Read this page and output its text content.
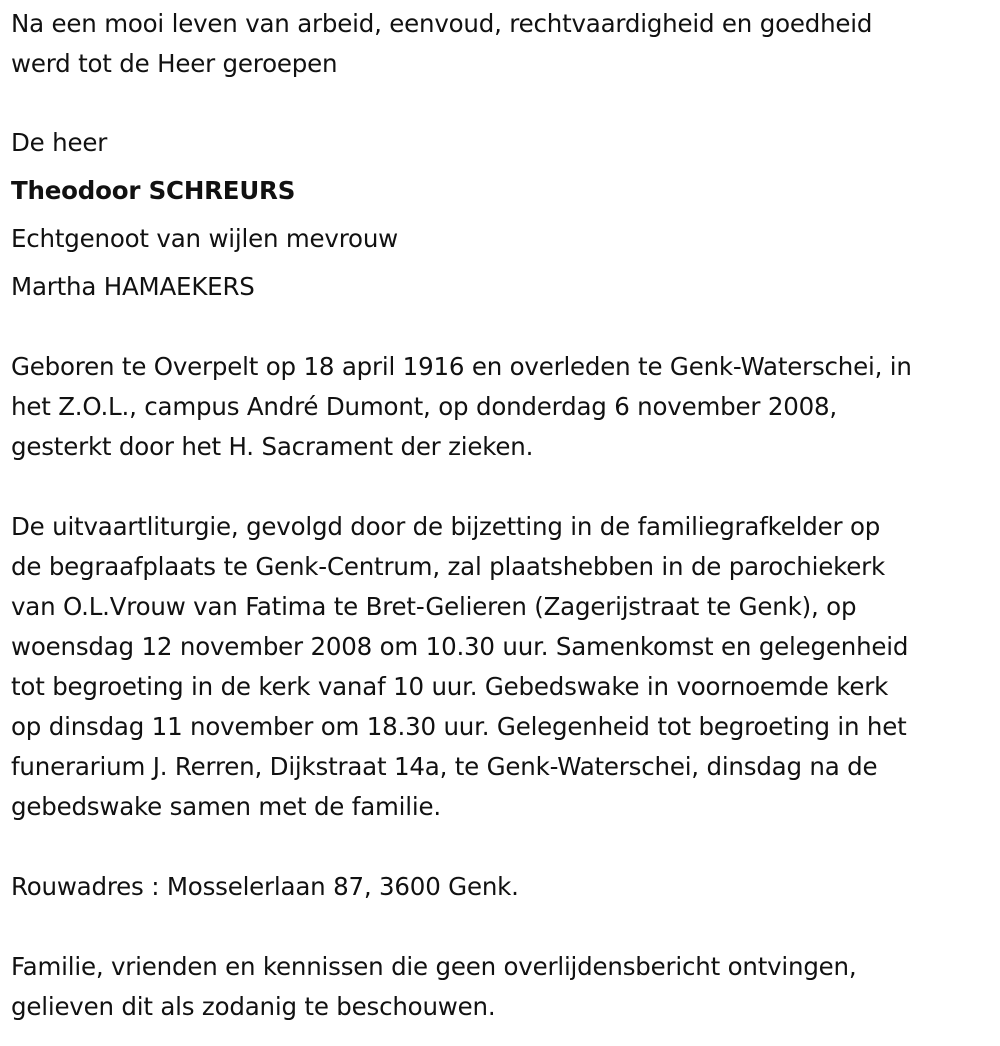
Na een mooi leven van arbeid, eenvoud, rechtvaardigheid en goedheid
werd tot de Heer geroepen
De heer
Theodoor SCHREURS
Echtgenoot van wijlen mevrouw
Martha HAMAEKERS
Geboren te Overpelt op 18 april 1916 en overleden te Genk-Waterschei, in
het Z.O.L., campus André Dumont, op donderdag 6 november 2008,
gesterkt door het H. Sacrament der zieken.
De uitvaartliturgie, gevolgd door de bijzetting in de familiegrafkelder op
de begraafplaats te Genk-Centrum, zal plaatshebben in de parochiekerk
van O.L.Vrouw van Fatima te Bret-Gelieren (Zagerijstraat te Genk), op
woensdag 12 november 2008 om 10.30 uur. Samenkomst en gelegenheid
tot begroeting in de kerk vanaf 10 uur. Gebedswake in voornoemde kerk
op dinsdag 11 november om 18.30 uur. Gelegenheid tot begroeting in het
funerarium J. Rerren, Dijkstraat 14a, te Genk-Waterschei, dinsdag na de
gebedswake samen met de familie.
Rouwadres : Mosselerlaan 87, 3600 Genk.
Familie, vrienden en kennissen die geen overlijdensbericht ontvingen,
gelieven dit als zodanig te beschouwen.
